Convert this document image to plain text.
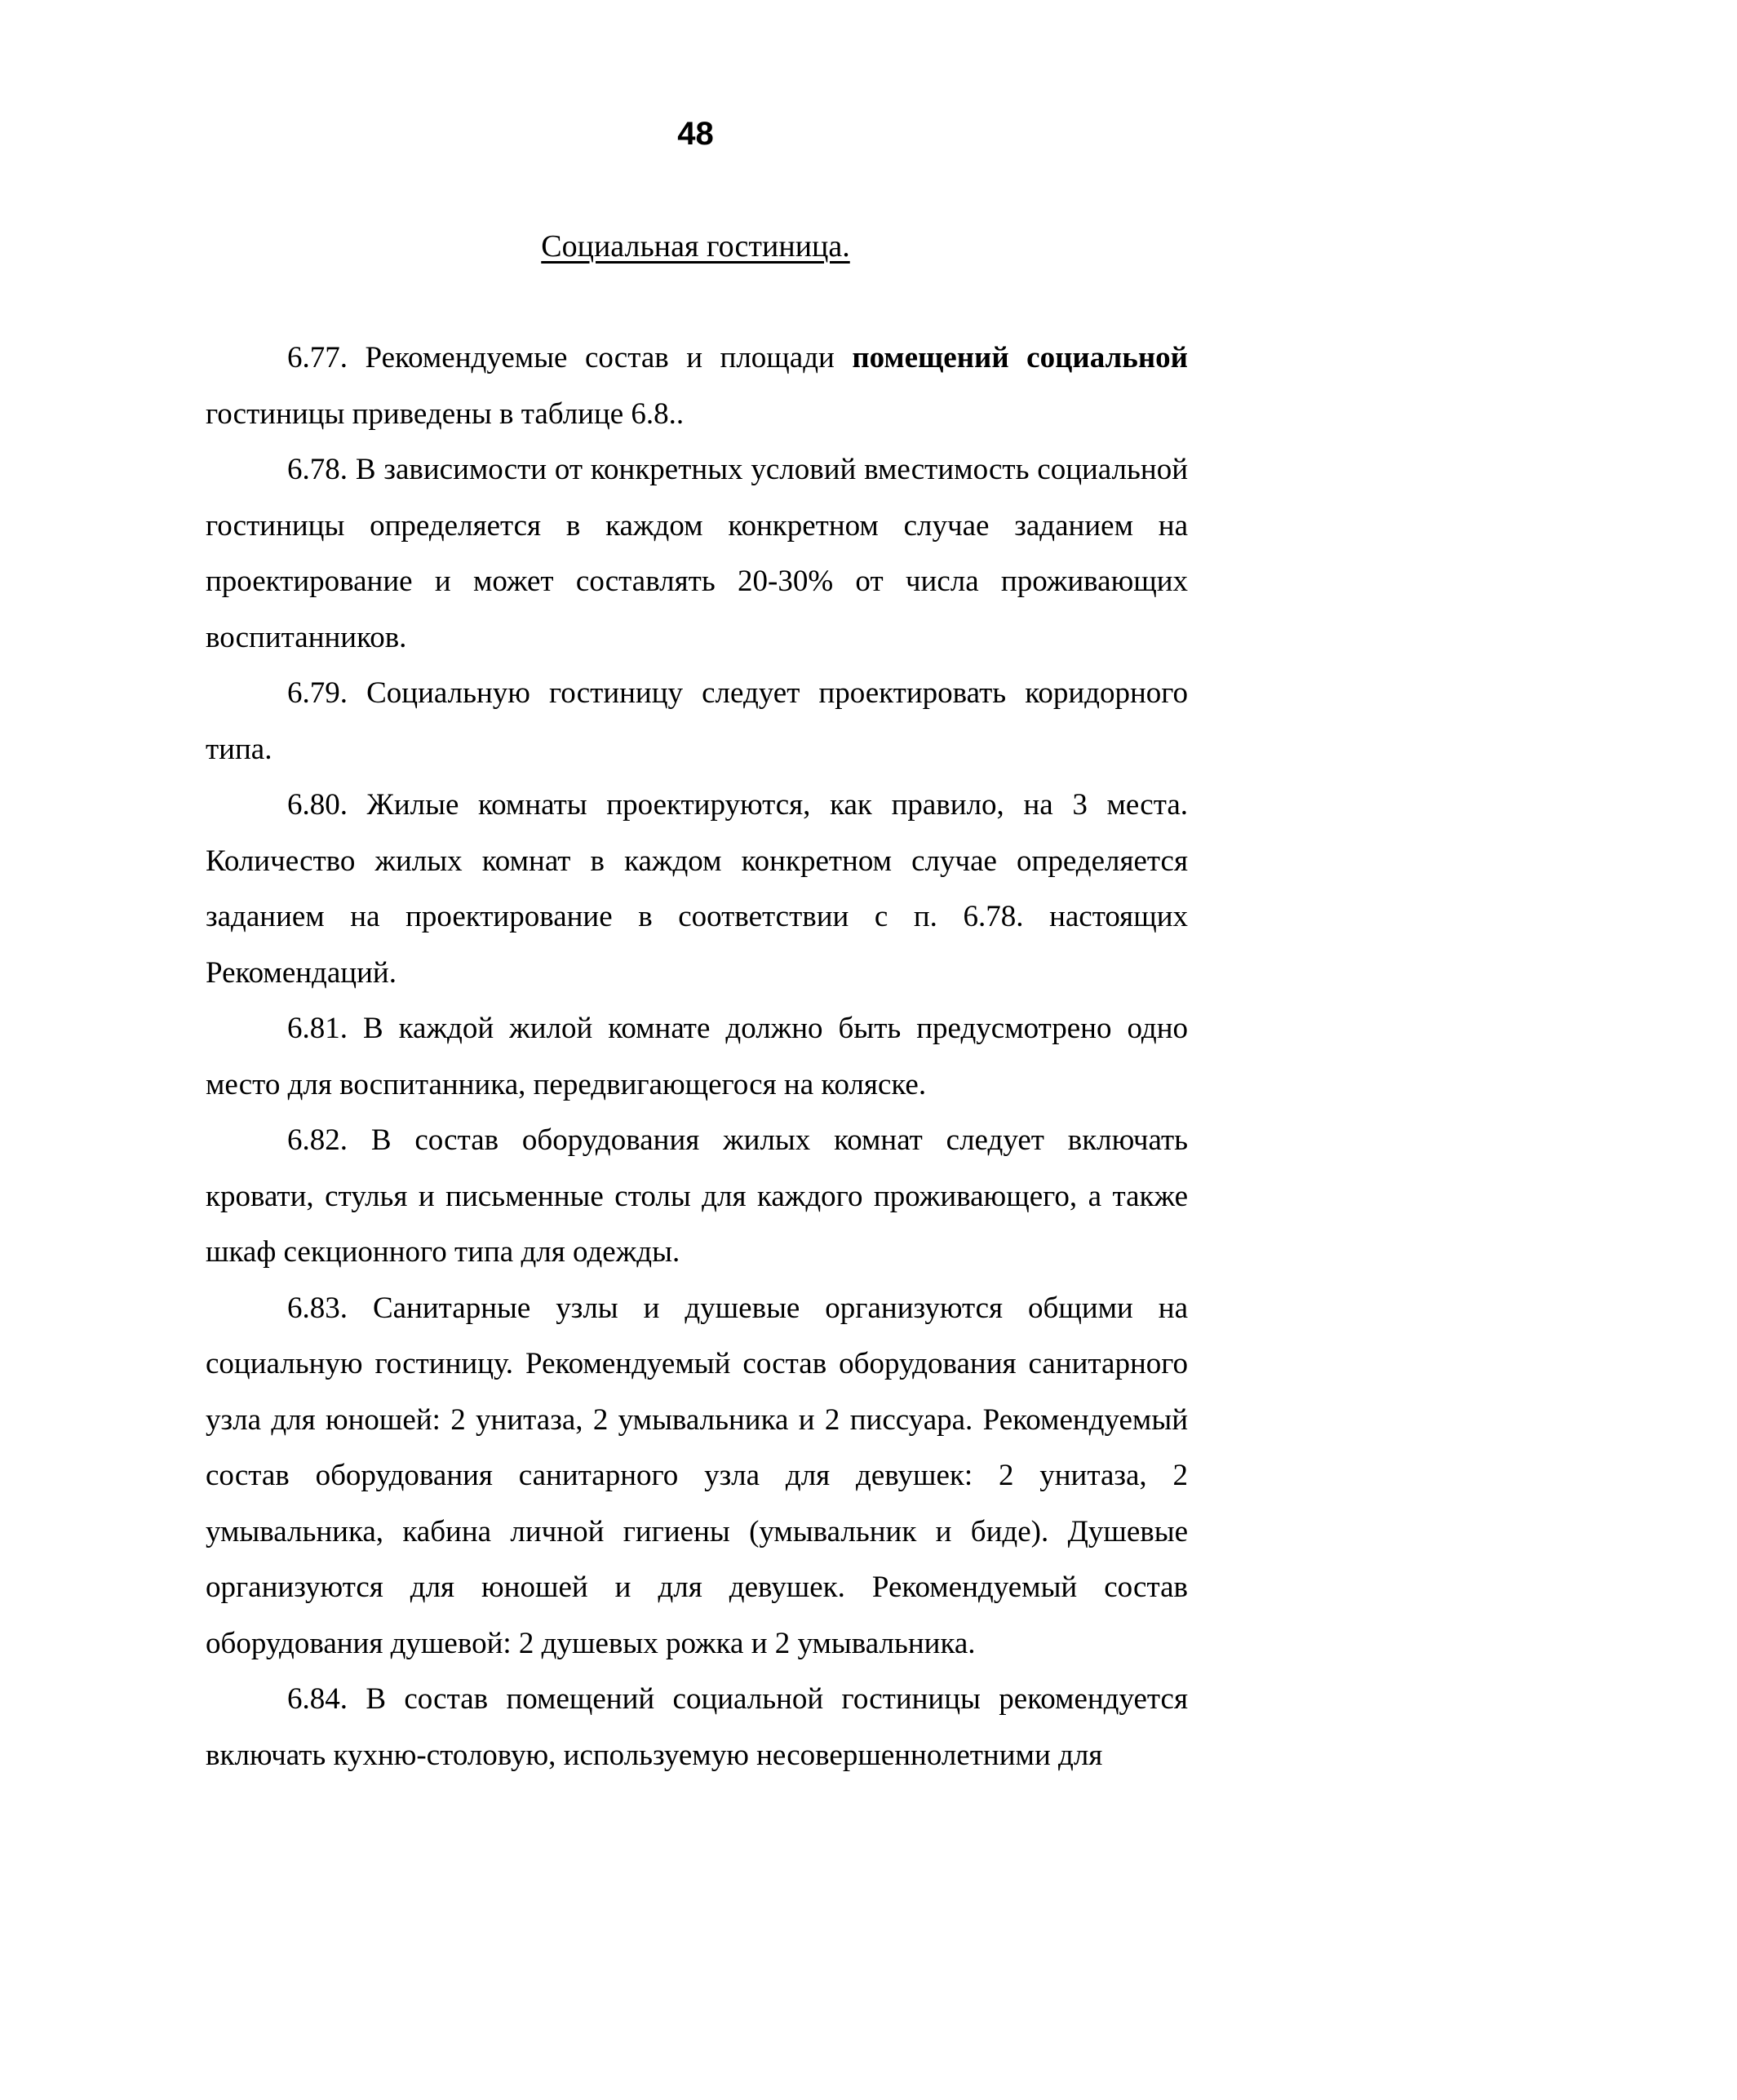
48
Социальная гостиница.

6.77. Рекомендуемые состав и площади помещений социальной гостиницы приведены в таблице 6.8..

6.78. В зависимости от конкретных условий вместимость социальной гостиницы определяется в каждом конкретном случае заданием на проектирование и может составлять 20-30% от числа проживающих воспитанников.

6.79. Социальную гостиницу следует проектировать коридорного типа.

6.80. Жилые комнаты проектируются, как правило, на 3 места. Количество жилых комнат в каждом конкретном случае определяется заданием на проектирование в соответствии с п. 6.78. настоящих Рекомендаций.

6.81. В каждой жилой комнате должно быть предусмотрено одно место для воспитанника, передвигающегося на коляске.

6.82. В состав оборудования жилых комнат следует включать кровати, стулья и письменные столы для каждого проживающего, а также шкаф секционного типа для одежды.

6.83. Санитарные узлы и душевые организуются общими на социальную гостиницу. Рекомендуемый состав оборудования санитарного узла для юношей: 2 унитаза, 2 умывальника и 2 писсуара. Рекомендуемый состав оборудования санитарного узла для девушек: 2 унитаза, 2 умывальника, кабина личной гигиены (умывальник и биде). Душевые организуются для юношей и для девушек. Рекомендуемый состав оборудования душевой: 2 душевых рожка и 2 умывальника.

6.84. В состав помещений социальной гостиницы рекомендуется включать кухню-столовую, используемую несовершеннолетними для
